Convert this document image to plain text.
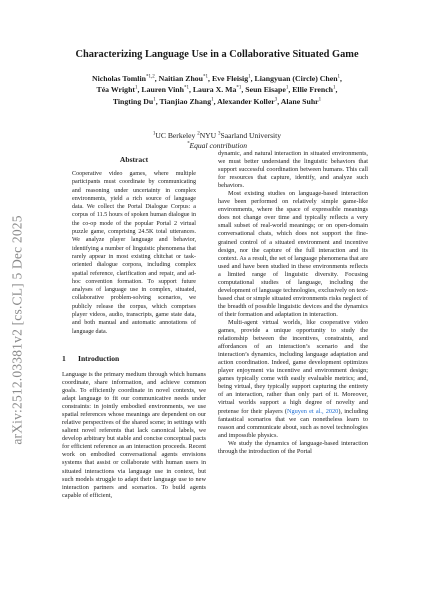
arXiv:2512.03381v2 [cs.CL] 5 Dec 2025
Characterizing Language Use in a Collaborative Situated Game
Nicholas Tomlin$^{*1,2}$, Naitian Zhou$^{*1}$, Eve Fleisig$^1$, Liangyuan (Circle) Chen$^1$,
Téa Wright$^1$, Lauren Vinh$^{*1}$, Laura X. Ma$^{*1}$, Seun Eisape$^1$, Ellie French$^1$,
Tingting Du$^1$, Tianjiao Zhang$^1$, Alexander Koller$^3$, Alane Suhr$^1$
$^1$UC Berkeley $^2$NYU $^3$Saarland University
*Equal contribution
Abstract

Cooperative video games, where multiple participants must coordinate by communicating and reasoning under uncertainty in complex environments, yield a rich source of language data. We collect the Portal Dialogue Corpus: a corpus of 11.5 hours of spoken human dialogue in the co-op mode of the popular Portal 2 virtual puzzle game, comprising 24.5K total utterances. We analyze player language and behavior, identifying a number of linguistic phenomena that rarely appear in most existing chitchat or task-oriented dialogue corpora, including complex spatial reference, clarification and repair, and ad-hoc convention formation. To support future analyses of language use in complex, situated, collaborative problem-solving scenarios, we publicly release the corpus, which comprises player videos, audio, transcripts, game state data, and both manual and automatic annotations of language data.

1 Introduction

Language is the primary medium through which humans coordinate, share information, and achieve common goals. To efficiently coordinate in novel contexts, we adapt language to fit our communicative needs under constraints: in jointly embodied environments, we use spatial references whose meanings are dependent on our relative perspectives of the shared scene; in settings with salient novel referents that lack canonical labels, we develop arbitrary but stable and concise conceptual pacts for efficient reference as an interaction proceeds. Recent work on embodied conversational agents envisions systems that assist or collaborate with human users in situated interactions via language use in context, but such models struggle to adapt their language use to new interaction partners and scenarios. To build agents capable of efficient,

dynamic, and natural interaction in situated environments, we must better understand the linguistic behaviors that support successful coordination between humans. This call for resources that capture, identify, and analyze such behaviors.

Most existing studies on language-based interaction have been performed on relatively simple game-like environments, where the space of expressible meanings does not change over time and typically reflects a very small subset of real-world meanings; or on open-domain conversational chats, which does not support the fine-grained control of a situated environment and incentive design, nor the capture of the full interaction and its context. As a result, the set of language phenomena that are used and have been studied in these environments reflects a limited range of linguistic diversity. Focusing computational studies of language, including the development of language technologies, exclusively on text-based chat or simple situated environments risks neglect of the breadth of possible linguistic devices and the dynamics of their formation and adaptation in interaction.

Multi-agent virtual worlds, like cooperative video games, provide a unique opportunity to study the relationship between the incentives, constraints, and affordances of an interaction’s scenario and the interaction’s dynamics, including language adaptation and action coordination. Indeed, game development optimizes player enjoyment via incentive and environment design; games typically come with easily evaluable metrics; and, being virtual, they typically support capturing the entirety of an interaction, rather than only part of it. Moreover, virtual worlds support a high degree of novelty and pretense for their players (Nguyen et al., 2020), including fantastical scenarios that we can nonetheless learn to reason and communicate about, such as novel technologies and impossible physics.

We study the dynamics of language-based interaction through the introduction of the Portal
